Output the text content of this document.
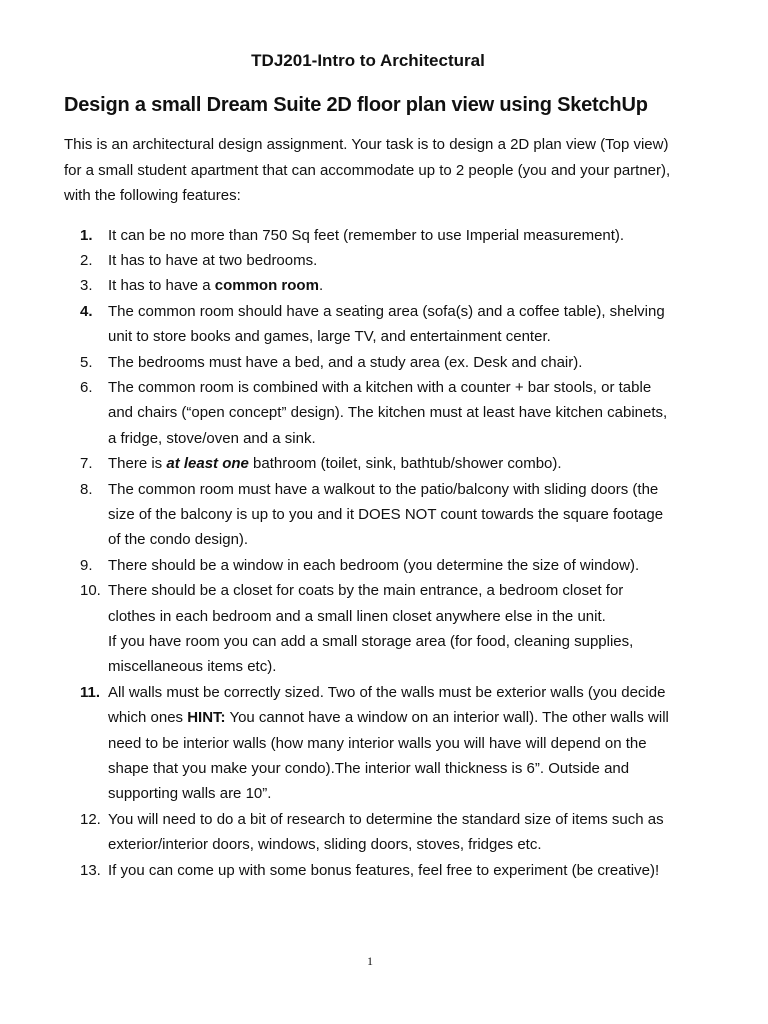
TDJ201-Intro to Architectural
Design a small Dream Suite 2D floor plan view using SketchUp

This is an architectural design assignment. Your task is to design a 2D plan view (Top view) for a small student apartment that can accommodate up to 2 people (you and your partner), with the following features:

1. It can be no more than 750 Sq feet (remember to use Imperial measurement).
2. It has to have at two bedrooms.
3. It has to have a common room.
4. The common room should have a seating area (sofa(s) and a coffee table), shelving unit to store books and games, large TV, and entertainment center.
5. The bedrooms must have a bed, and a study area (ex. Desk and chair).
6. The common room is combined with a kitchen with a counter + bar stools, or table and chairs (“open concept” design). The kitchen must at least have kitchen cabinets, a fridge, stove/oven and a sink.
7. There is at least one bathroom (toilet, sink, bathtub/shower combo).
8. The common room must have a walkout to the patio/balcony with sliding doors (the size of the balcony is up to you and it DOES NOT count towards the square footage of the condo design).
9. There should be a window in each bedroom (you determine the size of window).
10. There should be a closet for coats by the main entrance, a bedroom closet for clothes in each bedroom and a small linen closet anywhere else in the unit.
If you have room you can add a small storage area (for food, cleaning supplies, miscellaneous items etc).
11. All walls must be correctly sized. Two of the walls must be exterior walls (you decide which ones HINT: You cannot have a window on an interior wall). The other walls will need to be interior walls (how many interior walls you will have will depend on the shape that you make your condo).The interior wall thickness is 6”. Outside and supporting walls are 10”.
12. You will need to do a bit of research to determine the standard size of items such as exterior/interior doors, windows, sliding doors, stoves, fridges etc.
13. If you can come up with some bonus features, feel free to experiment (be creative)!
1
